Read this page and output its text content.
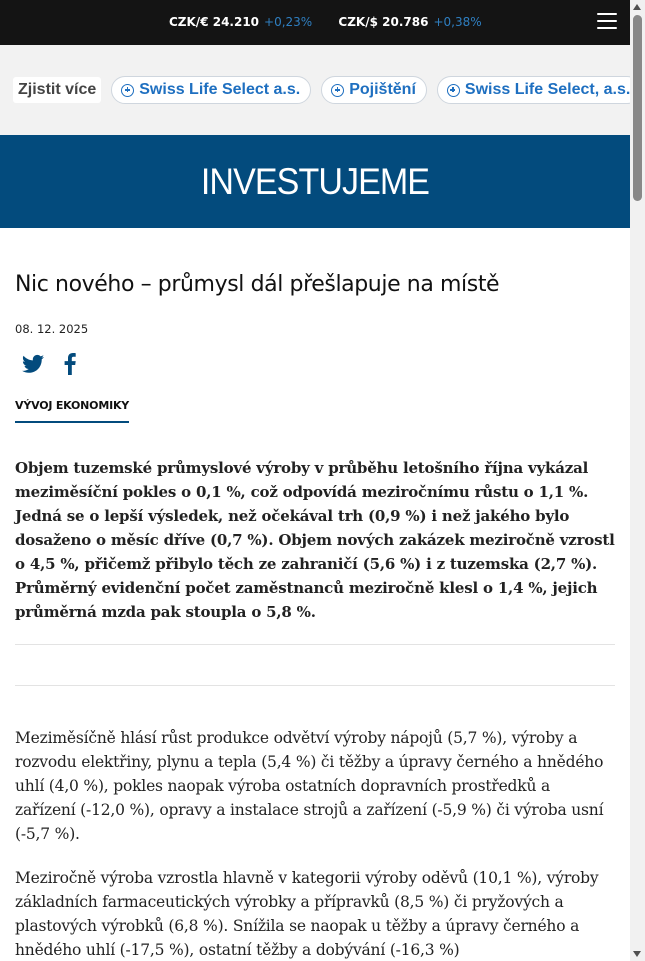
CZK/€ 24.210 +0,23% CZK/$ 20.786 +0,38%
Zjistit více	Swiss Life Select a.s.	Pojištění	Swiss Life Select, a.s.
INVESTUJEME
Nic nového – průmysl dál přešlapuje na místě
08. 12. 2025
VÝVOJ EKONOMIKY

Objem tuzemské průmyslové výroby v průběhu letošního října vykázal meziměsíční pokles o 0,1 %, což odpovídá meziročnímu růstu o 1,1 %. Jedná se o lepší výsledek, než očekával trh (0,9 %) i než jakého bylo dosaženo o měsíc dříve (0,7 %). Objem nových zakázek meziročně vzrostl o 4,5 %, přičemž přibylo těch ze zahraničí (5,6 %) i z tuzemska (2,7 %). Průměrný evidenční počet zaměstnanců meziročně klesl o 1,4 %, jejich průměrná mzda pak stoupla o 5,8 %.

Meziměsíčně hlásí růst produkce odvětví výroby nápojů (5,7 %), výroby a rozvodu elektřiny, plynu a tepla (5,4 %) či těžby a úpravy černého a hnědého uhlí (4,0 %), pokles naopak výroba ostatních dopravních prostředků a zařízení (-12,0 %), opravy a instalace strojů a zařízení (-5,9 %) či výroba usní (-5,7 %).

Meziročně výroba vzrostla hlavně v kategorii výroby oděvů (10,1 %), výroby základních farmaceutických výrobky a přípravků (8,5 %) či pryžových a plastových výrobků (6,8 %). Snížila se naopak u těžby a úpravy černého a hnědého uhlí (-17,5 %), ostatní těžby a dobývání (-16,3 %)
